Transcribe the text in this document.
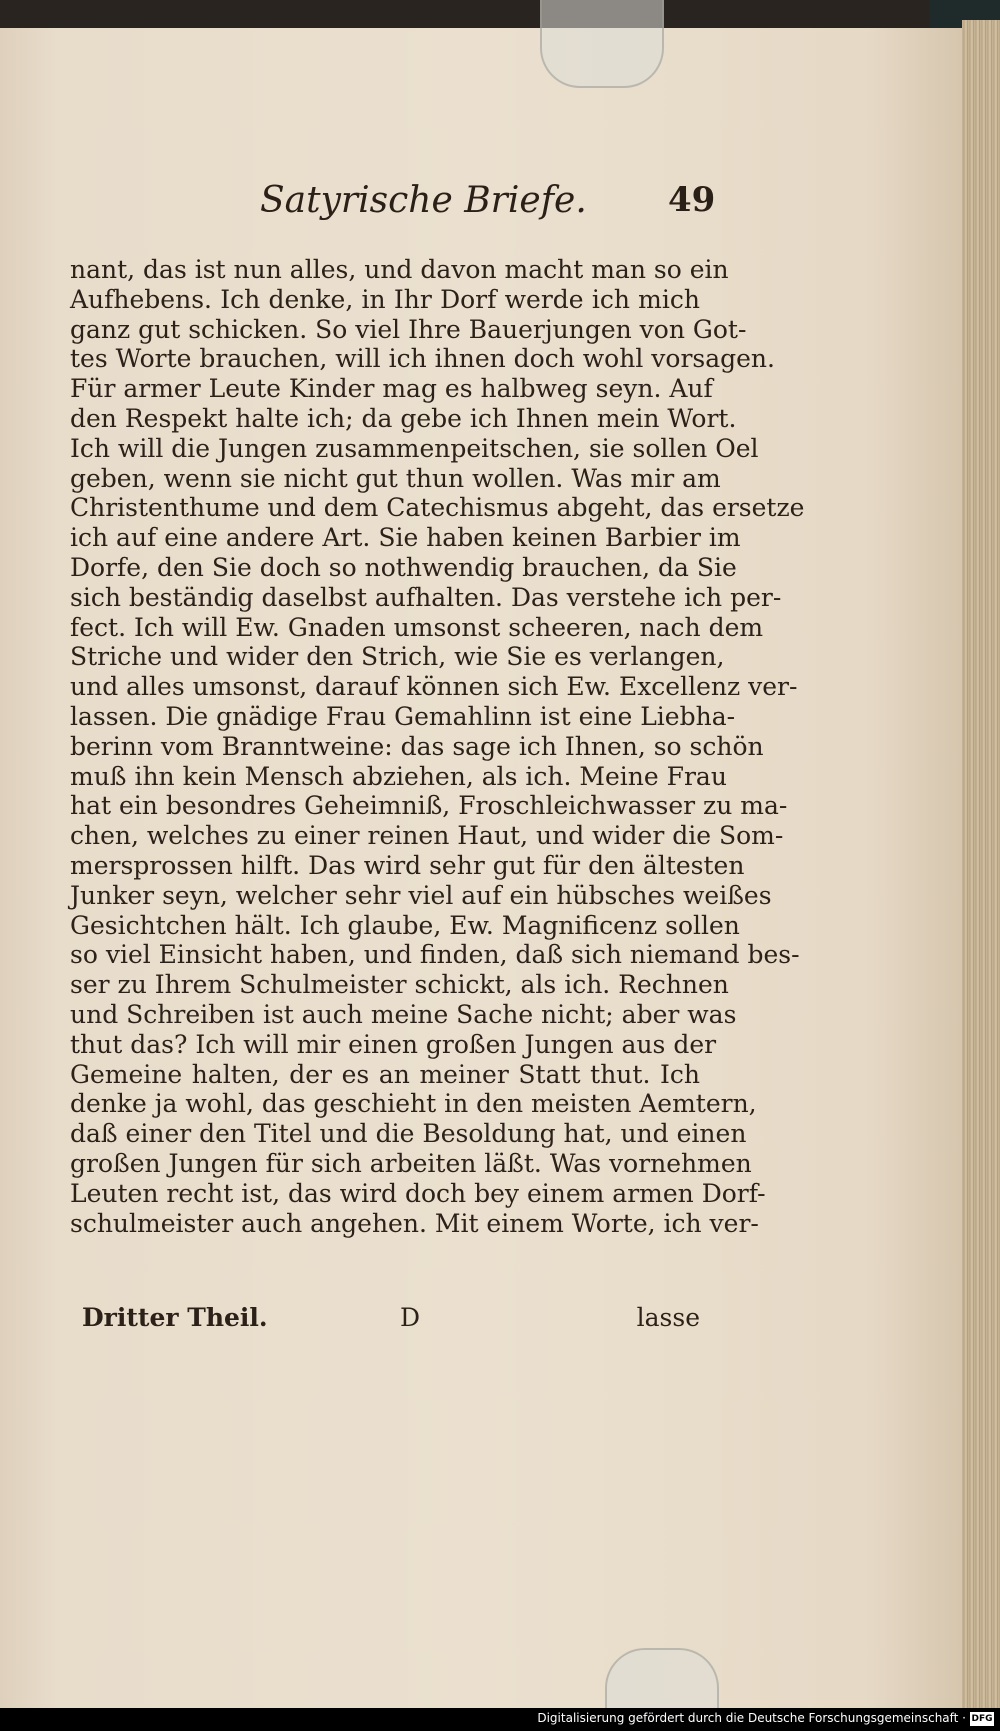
Satyrische Briefe. 49
nant, das ist nun alles, und davon macht man so ein
Aufhebens. Ich denke, in Ihr Dorf werde ich mich
ganz gut schicken. So viel Ihre Bauerjungen von Got-
tes Worte brauchen, will ich ihnen doch wohl vorsagen.
Für armer Leute Kinder mag es halbweg seyn. Auf
den Respekt halte ich; da gebe ich Ihnen mein Wort.
Ich will die Jungen zusammenpeitschen, sie sollen Oel
geben, wenn sie nicht gut thun wollen. Was mir am
Christenthume und dem Catechismus abgeht, das ersetze
ich auf eine andere Art. Sie haben keinen Barbier im
Dorfe, den Sie doch so nothwendig brauchen, da Sie
sich beständig daselbst aufhalten. Das verstehe ich per-
fect. Ich will Ew. Gnaden umsonst scheeren, nach dem
Striche und wider den Strich, wie Sie es verlangen,
und alles umsonst, darauf können sich Ew. Excellenz ver-
lassen. Die gnädige Frau Gemahlinn ist eine Liebha-
berinn vom Branntweine: das sage ich Ihnen, so schön
muß ihn kein Mensch abziehen, als ich. Meine Frau
hat ein besondres Geheimniß, Froschleichwasser zu ma-
chen, welches zu einer reinen Haut, und wider die Som-
mersprossen hilft. Das wird sehr gut für den ältesten
Junker seyn, welcher sehr viel auf ein hübsches weißes
Gesichtchen hält. Ich glaube, Ew. Magnificenz sollen
so viel Einsicht haben, und finden, daß sich niemand bes-
ser zu Ihrem Schulmeister schickt, als ich. Rechnen
und Schreiben ist auch meine Sache nicht; aber was
thut das? Ich will mir einen großen Jungen aus der
Gemeine halten, der es an meiner Statt thut. Ich
denke ja wohl, das geschieht in den meisten Aemtern,
daß einer den Titel und die Besoldung hat, und einen
großen Jungen für sich arbeiten läßt. Was vornehmen
Leuten recht ist, das wird doch bey einem armen Dorf-
schulmeister auch angehen. Mit einem Worte, ich ver-
Dritter Theil.	D	lasse
Digitalisierung gefördert durch die Deutsche Forschungsgemeinschaft · DFG
